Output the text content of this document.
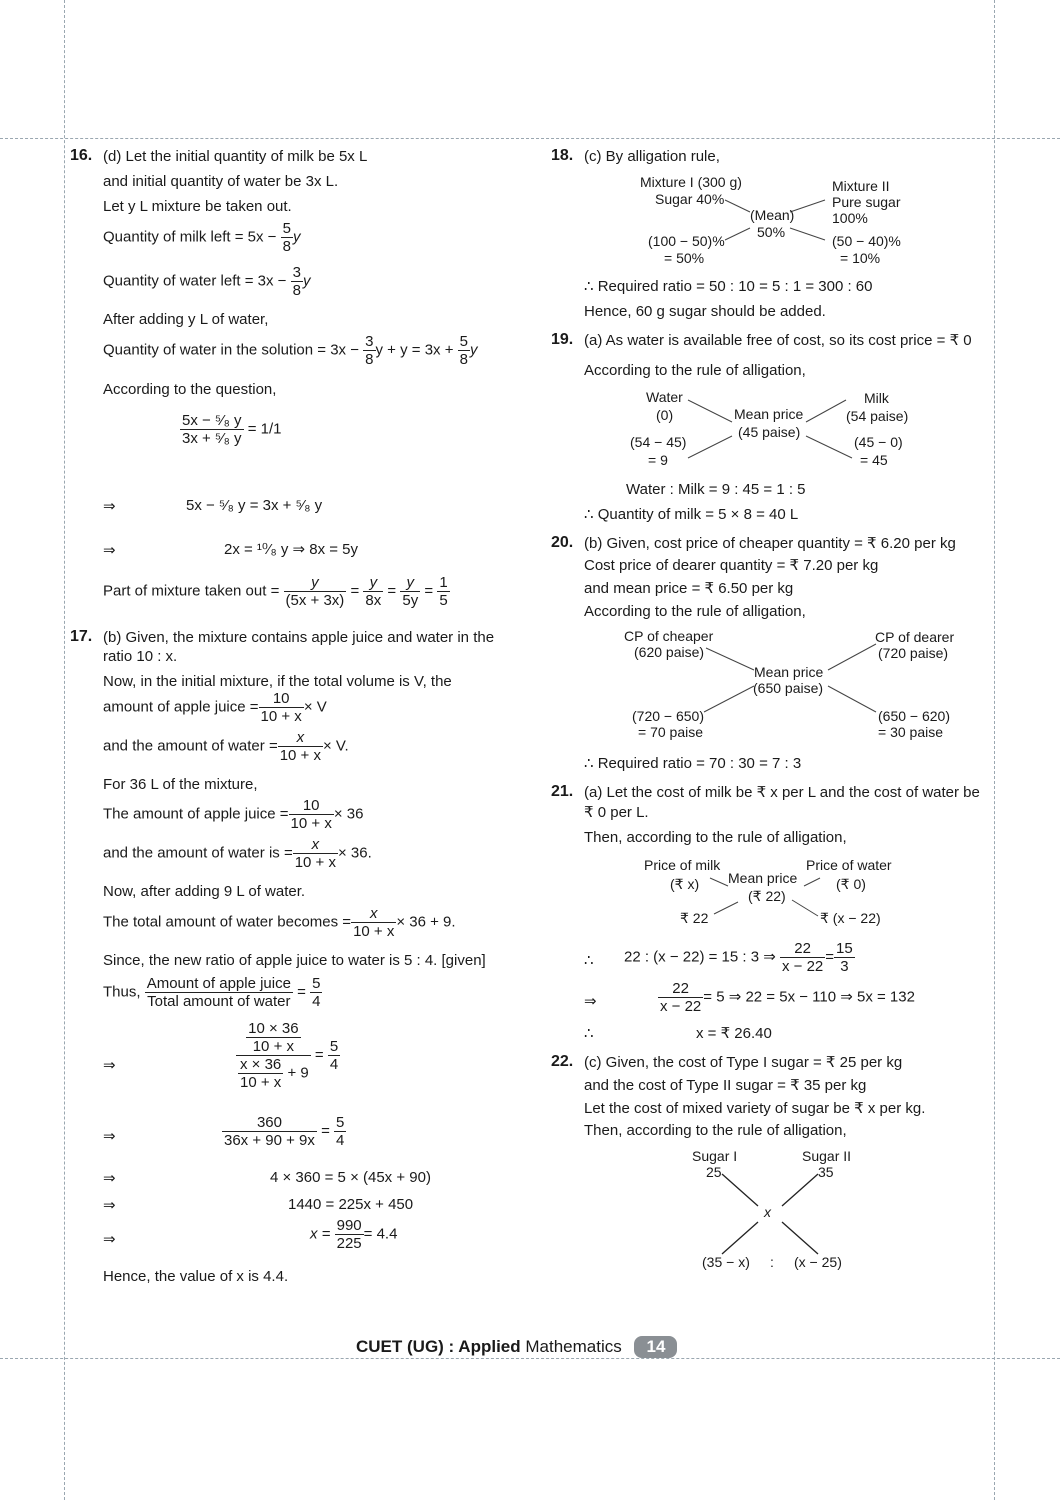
16. (d) Let the initial quantity of milk be 5x L
and initial quantity of water be 3x L.
Let y L mixture be taken out.
Quantity of milk left = $5x - \frac{5}{8}$ y
Quantity of water left = $3x - \frac{3}{8}$ y
After adding y L of water,
Quantity of water in the solution = $3x - \frac{3}{8}$ $y + y = 3x + \frac{5}{8}$ y
According to the question,
$\frac{\text{5x − ⁵⁄₈ y}}{\text{3x + ⁵⁄₈ y}} = 1/1$
⇒	5x − ⁵⁄₈ y = 3x + ⁵⁄₈ y
⇒	2x = ¹⁰⁄₈ y ⇒ 8x = 5y
Part of mixture taken out = $\frac{y}{(5x + 3x)} = \frac{y}{8x} = \frac{y}{5y} = \frac{1}{5}$
17. (b) Given, the mixture contains apple juice and water in the
ratio 10 : x.
Now, in the initial mixture, if the total volume is V, the
amount of apple juice = $\frac{10}{10 + x} \times V$
and the amount of water = $\frac{x}{10 + x} \times V$.
For 36 L of the mixture,
The amount of apple juice = $\frac{10}{10 + x} \times 36$
and the amount of water is = $\frac{x}{10 + x} \times 36$.
Now, after adding 9 L of water.
The total amount of water becomes = $\frac{x}{10 + x} \times 36 + 9$.
Since, the new ratio of apple juice to water is 5 : 4. [given]
Thus, $\frac{\text{Amount of apple juice}}{\text{Total amount of water}} = \frac{5}{4}$
⇒	$\frac{\frac{10 \times 36}{10 + x}}{\frac{x \times 36}{10 + x} + 9} = \frac{5}{4}$
⇒	$\frac{360}{36x + 90 + 9x} = \frac{5}{4}$
⇒	4 × 360 = 5 × (45x + 90)
⇒	1440 = 225x + 450
⇒	$x = \frac{990}{225} = 4.4$
Hence, the value of x is 4.4.
18. (c) By alligation rule,
Mixture I (300 g)
Sugar 40%
Mixture II
Pure sugar
100%
(Mean)
50%
(100 − 50)%
= 50%
(50 − 40)%
= 10%
∴ Required ratio = 50 : 10 = 5 : 1 = 300 : 60
Hence, 60 g sugar should be added.
19. (a) As water is available free of cost, so its cost price = ₹ 0
According to the rule of alligation,
Water
(0)
Milk
(54 paise)
Mean price
(45 paise)
(54 − 45)
= 9
(45 − 0)
= 45
Water : Milk = 9 : 45 = 1 : 5
∴ Quantity of milk = 5 × 8 = 40 L
20. (b) Given, cost price of cheaper quantity = ₹ 6.20 per kg
Cost price of dearer quantity = ₹ 7.20 per kg
and mean price = ₹ 6.50 per kg
According to the rule of alligation,
CP of cheaper
(620 paise)
CP of dearer
(720 paise)
Mean price
(650 paise)
(720 − 650)
= 70 paise
(650 − 620)
= 30 paise
∴ Required ratio = 70 : 30 = 7 : 3
21. (a) Let the cost of milk be ₹ x per L and the cost of water be
₹ 0 per L.
Then, according to the rule of alligation,
Price of milk
(₹ x)
Price of water
(₹ 0)
Mean price
(₹ 22)
₹ 22	₹ (x − 22)
∴ 22 : (x − 22) = 15 : 3 ⇒ $\frac{22}{x - 22} = \frac{15}{3}$
⇒	$\frac{22}{x - 22} = 5$ ⇒ 22 = 5x − 110 ⇒ 5x = 132
∴	x = ₹ 26.40
22. (c) Given, the cost of Type I sugar = ₹ 25 per kg
and the cost of Type II sugar = ₹ 35 per kg
Let the cost of mixed variety of sugar be ₹ x per kg.
Then, according to the rule of alligation,
Sugar I
25
Sugar II
35
x
(35 − x) : (x − 25)
CUET (UG) : Applied Mathematics 14
